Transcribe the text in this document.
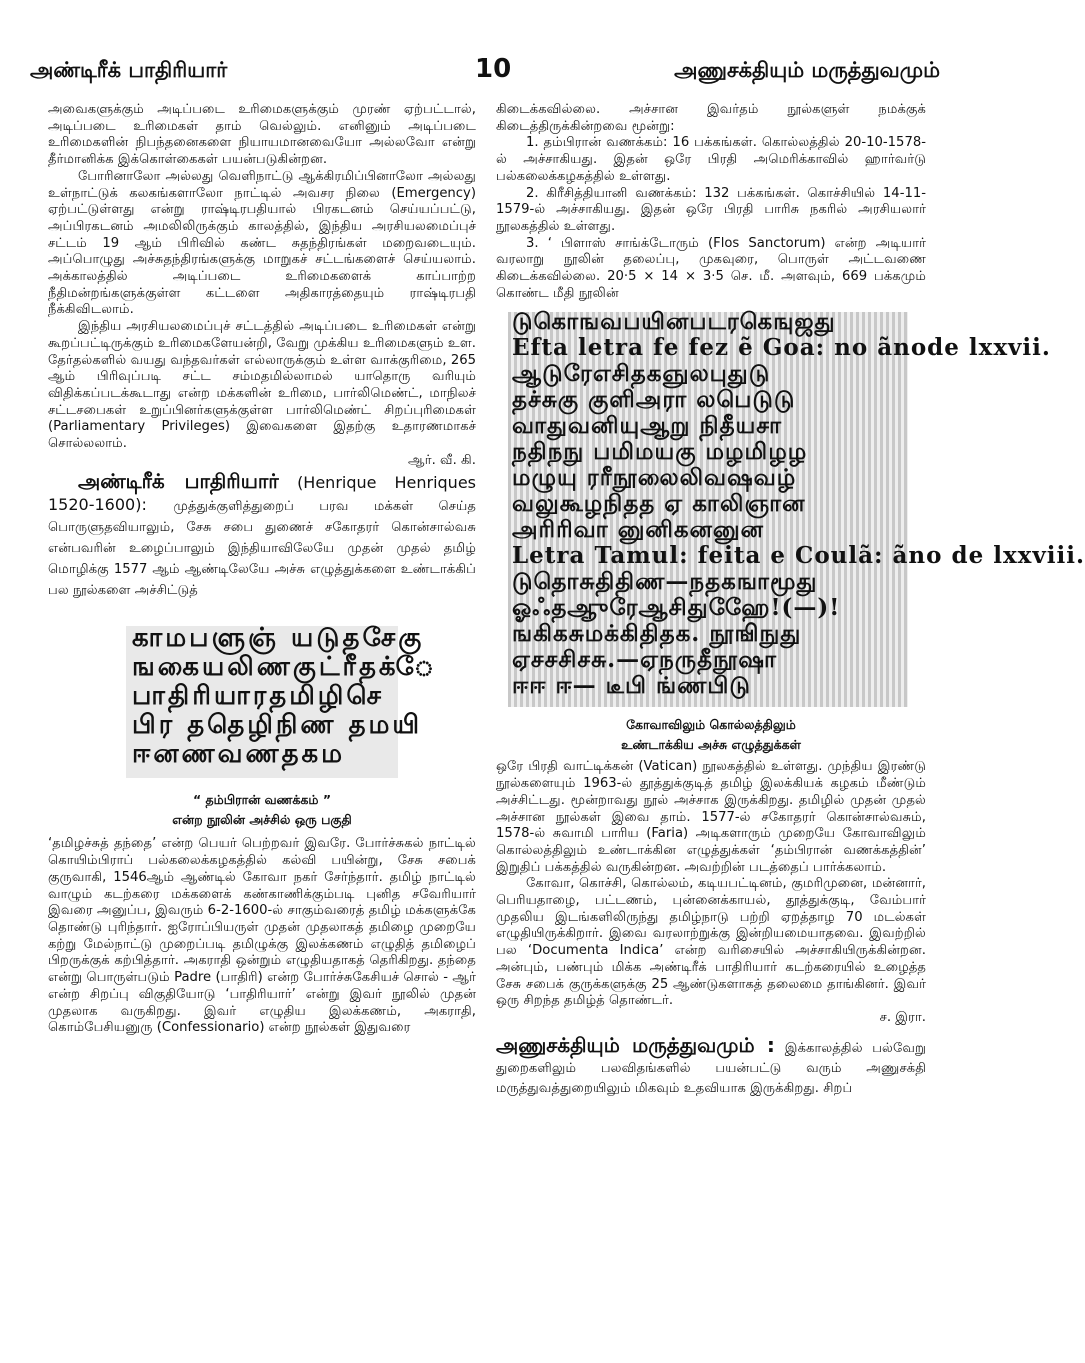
அண்டிரீக் பாதிரியார்	10	அணுசக்தியும் மருத்துவமும்

அவைகளுக்கும் அடிப்படை உரிமைகளுக்கும் முரண் ஏற்பட்டால், அடிப்படை உரிமைகள் தாம் வெல்லும். எனினும் அடிப்படை உரிமைகளின் நிபந்தனைகளை நியாயமானவையோ அல்லவோ என்று தீர்மானிக்க இக்கொள்கைகள் பயன்படுகின்றன.

போரினாலோ அல்லது வெளிநாட்டு ஆக்கிரமிப்பினாலோ அல்லது உள்நாட்டுக் கலகங்களாலோ நாட்டில் அவசர நிலை (Emergency) ஏற்பட்டுள்ளது என்று ராஷ்டிரபதியால் பிரகடனம் செய்யப்பட்டு, அப்பிரகடனம் அமலிலிருக்கும் காலத்தில், இந்திய அரசியலமைப்புச் சட்டம் 19 ஆம் பிரிவில் கண்ட சுதந்திரங்கள் மறைவடையும். அப்பொழுது அச்சுதந்திரங்களுக்கு மாறுகச் சட்டங்களைச் செய்யலாம். அக்காலத்தில் அடிப்படை உரிமைகளைக் காப்பாற்ற நீதிமன்றங்களுக்குள்ள கட்டளை அதிகாரத்தையும் ராஷ்டிரபதி நீக்கிவிடலாம்.

இந்திய அரசியலமைப்புச் சட்டத்தில் அடிப்படை உரிமைகள் என்று கூறப்பட்டிருக்கும் உரிமைகளேயன்றி, வேறு முக்கிய உரிமைகளும் உள. தேர்தல்களில் வயது வந்தவர்கள் எல்லாருக்கும் உள்ள வாக்குரிமை, 265 ஆம் பிரிவுப்படி சட்ட சம்மதமில்லாமல் யாதொரு வரியும் விதிக்கப்படக்கூடாது என்ற மக்களின் உரிமை, பார்லிமெண்ட், மாநிலச் சட்டசபைகள் உறுப்பினர்களுக்குள்ள பார்லிமெண்ட் சிறப்புரிமைகள் (Parliamentary Privileges) இவைகளை இதற்கு உதாரணமாகச் சொல்லலாம்.

ஆர். வீ. கி.

அண்டிரீக் பாதிரியார் (Henrique Henriques 1520-1600): முத்துக்குளித்துறைப் பரவ மக்கள் செய்த பொருளுதவியாலும், சேசு சபை துணைச் சகோதரர் கொன்சால்வசு என்பவரின் உழைப்பாலும் இந்தியாவிலேயே முதன் முதல் தமிழ் மொழிக்கு 1577 ஆம் ஆண்டிலேயே அச்சு எழுத்துக்களை உண்டாக்கிப் பல நூல்களை அச்சிட்டுத்

காமபளுஞ் யடுதசேகு
ஙகையலிணகுட்ரீதக்ே
பாதிரியாரதமிழிசெ
பிர ததெழிநிண தமயி
ஈனணவணதகம
“ தம்பிரான் வணக்கம் ”
என்ற நூலின் அச்சில் ஒரு பகுதி

‘தமிழச்சுத் தந்தை’ என்ற பெயர் பெற்றவர் இவரே. போர்ச்சுகல் நாட்டில் கொயிம்பிராப் பல்கலைக்கழகத்தில் கல்வி பயின்று, சேசு சபைக் குருவாகி, 1546ஆம் ஆண்டில் கோவா நகர் சேர்ந்தார். தமிழ் நாட்டில் வாழும் கடற்கரை மக்களைக் கண்காணிக்கும்படி புனித சவேரியார் இவரை அனுப்ப, இவரும் 6-2-1600-ல் சாகும்வரைத் தமிழ் மக்களுக்கே தொண்டு புரிந்தார். ஐரோப்பியருள் முதன் முதலாகத் தமிழை முறையே கற்று மேல்நாட்டு முறைப்படி தமிழுக்கு இலக்கணம் எழுதித் தமிழைப் பிறருக்குக் கற்பித்தார். அகராதி ஒன்றும் எழுதியதாகத் தெரிகிறது. தந்தை என்று பொருள்படும் Padre (பாதிரி) என்ற போர்ச்சுகேசியச் சொல் - ஆர் என்ற சிறப்பு விகுதியோடு ‘பாதிரியார்’ என்று இவர் நூலில் முதன் முதலாக வருகிறது. இவர் எழுதிய இலக்கணம், அகராதி, கொம்பேசியனுரு (Confessionario) என்ற நூல்கள் இதுவரை

கிடைக்கவில்லை. அச்சான இவர்தம் நூல்களுள் நமக்குக் கிடைத்திருக்கின்றவை மூன்று:

1. தம்பிரான் வணக்கம்: 16 பக்கங்கள். கொல்லத்தில் 20-10-1578-ல் அச்சாகியது. இதன் ஒரே பிரதி அமெரிக்காவில் ஹார்வர்டு பல்கலைக்கழகத்தில் உள்ளது.

2. கிரீசித்தியானி வணக்கம்: 132 பக்கங்கள். கொச்சியில் 14-11-1579-ல் அச்சாகியது. இதன் ஒரே பிரதி பாரிசு நகரில் அரசியலார் நூலகத்தில் உள்ளது.

3. ‘ பிளாஸ் சாங்க்டோரும் (Flos Sanctorum) என்ற அடியார் வரலாறு நூலின் தலைப்பு, முகவுரை, பொருள் அட்டவணை கிடைக்கவில்லை. 20·5 × 14 × 3·5 செ. மீ. அளவும், 669 பக்கமும் கொண்ட மீதி நூலின்

டுகொஙவபயினபடரகெஙுஜது
Efta letra fe fez ẽ Goa: no ãnode lxxvii.
ஆடுரேஎசிதகஞுலபுதுடு
தச்சுகு குளிஅரா லபெடுடு
வாதுவனியுஆறு நிதீயசா
நதிநநு பமிமயகு மழமிழழ
மழுயு ரரீநூலைலிவஷவழ்
வலுகூழநிதத ஏ காலிஞான
அரிரிவா னுனிகனனுன
Letra Tamul: feita e Coulã: ãno de lxxviii.
டுதொசுதிதிண—நதகஙாமூது
ஓஃதஆுரேஆசிதுஹேே!(—)!
ஙகிகசுமக்கிதிதக. நூஙிநுது
ஏசசசிசசு.—ஏநருதீநூஷா
ஈஈ ஈ— டீபி ங்ணபிடு
கோவாவிலும் கொல்லத்திலும்
உண்டாக்கிய அச்சு எழுத்துக்கள்

ஒரே பிரதி வாட்டிக்கன் (Vatican) நூலகத்தில் உள்ளது. முந்திய இரண்டு நூல்களையும் 1963-ல் தூத்துக்குடித் தமிழ் இலக்கியக் கழகம் மீண்டும் அச்சிட்டது. மூன்றாவது நூல் அச்சாக இருக்கிறது. தமிழில் முதன் முதல் அச்சான நூல்கள் இவை தாம். 1577-ல் சகோதரர் கொன்சால்வசும், 1578-ல் சுவாமி பாரிய (Faria) அடிகளாரும் முறையே கோவாவிலும் கொல்லத்திலும் உண்டாக்கின எழுத்துக்கள் ‘தம்பிரான் வணக்கத்தின்’ இறுதிப் பக்கத்தில் வருகின்றன. அவற்றின் படத்தைப் பார்க்கலாம்.

கோவா, கொச்சி, கொல்லம், கடியபட்டினம், குமரிமுனை, மன்னார், பெரியதாழை, பட்டணம், புன்னைக்காயல், தூத்துக்குடி, வேம்பார் முதலிய இடங்களிலிருந்து தமிழ்நாடு பற்றி ஏறத்தாழ 70 மடல்கள் எழுதியிருக்கிறார். இவை வரலாற்றுக்கு இன்றியமையாதவை. இவற்றில் பல ‘Documenta Indica’ என்ற வரிசையில் அச்சாகியிருக்கின்றன. அன்பும், பண்பும் மிக்க அண்டிரீக் பாதிரியார் கடற்கரையில் உழைத்த சேசு சபைக் குருக்களுக்கு 25 ஆண்டுகளாகத் தலைமை தாங்கினர். இவர் ஒரு சிறந்த தமிழ்த் தொண்டர்.

ச. இரா.

அணுசக்தியும் மருத்துவமும் : இக்காலத்தில் பல்வேறு துறைகளிலும் பலவிதங்களில் பயன்பட்டு வரும் அணுசக்தி மருத்துவத்துறையிலும் மிகவும் உதவியாக இருக்கிறது. சிறப்
